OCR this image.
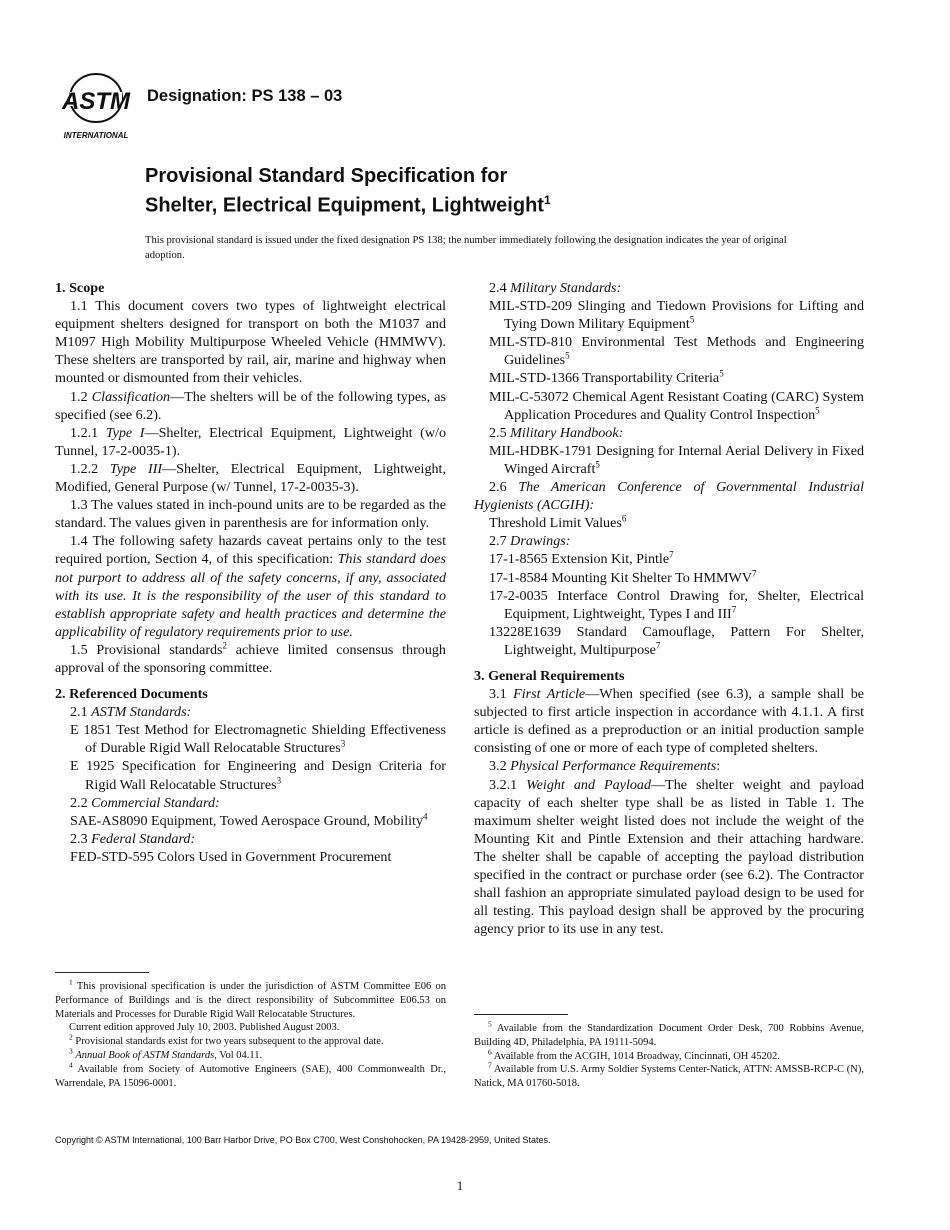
ASTM
INTERNATIONAL
Designation: PS 138 – 03
Provisional Standard Specification for
Shelter, Electrical Equipment, Lightweight$^1$
This provisional standard is issued under the fixed designation PS 138; the number immediately following the designation indicates the year of original adoption.
1. Scope

1.1 This document covers two types of lightweight electrical equipment shelters designed for transport on both the M1037 and M1097 High Mobility Multipurpose Wheeled Vehicle (HMMWV). These shelters are transported by rail, air, marine and highway when mounted or dismounted from their vehicles.

1.2 Classification—The shelters will be of the following types, as specified (see 6.2).

1.2.1 Type I—Shelter, Electrical Equipment, Lightweight (w/o Tunnel, 17-2-0035-1).

1.2.2 Type III—Shelter, Electrical Equipment, Lightweight, Modified, General Purpose (w/ Tunnel, 17-2-0035-3).

1.3 The values stated in inch-pound units are to be regarded as the standard. The values given in parenthesis are for information only.

1.4 The following safety hazards caveat pertains only to the test required portion, Section 4, of this specification: This standard does not purport to address all of the safety concerns, if any, associated with its use. It is the responsibility of the user of this standard to establish appropriate safety and health practices and determine the applicability of regulatory requirements prior to use.

1.5 Provisional standards$^2$ achieve limited consensus through approval of the sponsoring committee.

2. Referenced Documents

2.1 ASTM Standards:

E 1851 Test Method for Electromagnetic Shielding Effectiveness of Durable Rigid Wall Relocatable Structures$^3$

E 1925 Specification for Engineering and Design Criteria for Rigid Wall Relocatable Structures$^3$

2.2 Commercial Standard:

SAE-AS8090 Equipment, Towed Aerospace Ground, Mobility$^4$

2.3 Federal Standard:

FED-STD-595 Colors Used in Government Procurement

2.4 Military Standards:

MIL-STD-209 Slinging and Tiedown Provisions for Lifting and Tying Down Military Equipment$^5$

MIL-STD-810 Environmental Test Methods and Engineering Guidelines$^5$

MIL-STD-1366 Transportability Criteria$^5$

MIL-C-53072 Chemical Agent Resistant Coating (CARC) System Application Procedures and Quality Control Inspection$^5$

2.5 Military Handbook:

MIL-HDBK-1791 Designing for Internal Aerial Delivery in Fixed Winged Aircraft$^5$

2.6 The American Conference of Governmental Industrial Hygienists (ACGIH):

Threshold Limit Values$^6$

2.7 Drawings:

17-1-8565 Extension Kit, Pintle$^7$

17-1-8584 Mounting Kit Shelter To HMMWV$^7$

17-2-0035 Interface Control Drawing for, Shelter, Electrical Equipment, Lightweight, Types I and III$^7$

13228E1639 Standard Camouflage, Pattern For Shelter, Lightweight, Multipurpose$^7$

3. General Requirements

3.1 First Article—When specified (see 6.3), a sample shall be subjected to first article inspection in accordance with 4.1.1. A first article is defined as a preproduction or an initial production sample consisting of one or more of each type of completed shelters.

3.2 Physical Performance Requirements:

3.2.1 Weight and Payload—The shelter weight and payload capacity of each shelter type shall be as listed in Table 1. The maximum shelter weight listed does not include the weight of the Mounting Kit and Pintle Extension and their attaching hardware. The shelter shall be capable of accepting the payload distribution specified in the contract or purchase order (see 6.2). The Contractor shall fashion an appropriate simulated payload design to be used for all testing. This payload design shall be approved by the procuring agency prior to its use in any test.

$^1$ This provisional specification is under the jurisdiction of ASTM Committee E06 on Performance of Buildings and is the direct responsibility of Subcommittee E06.53 on Materials and Processes for Durable Rigid Wall Relocatable Structures.

Current edition approved July 10, 2003. Published August 2003.

$^2$ Provisional standards exist for two years subsequent to the approval date.

$^3$ Annual Book of ASTM Standards, Vol 04.11.

$^4$ Available from Society of Automotive Engineers (SAE), 400 Commonwealth Dr., Warrendale, PA 15096-0001.

$^5$ Available from the Standardization Document Order Desk, 700 Robbins Avenue, Building 4D, Philadelphia, PA 19111-5094.

$^6$ Available from the ACGIH, 1014 Broadway, Cincinnati, OH 45202.

$^7$ Available from U.S. Army Soldier Systems Center-Natick, ATTN: AMSSB-RCP-C (N), Natick, MA 01760-5018.

Copyright © ASTM International, 100 Barr Harbor Drive, PO Box C700, West Conshohocken, PA 19428-2959, United States.
1
